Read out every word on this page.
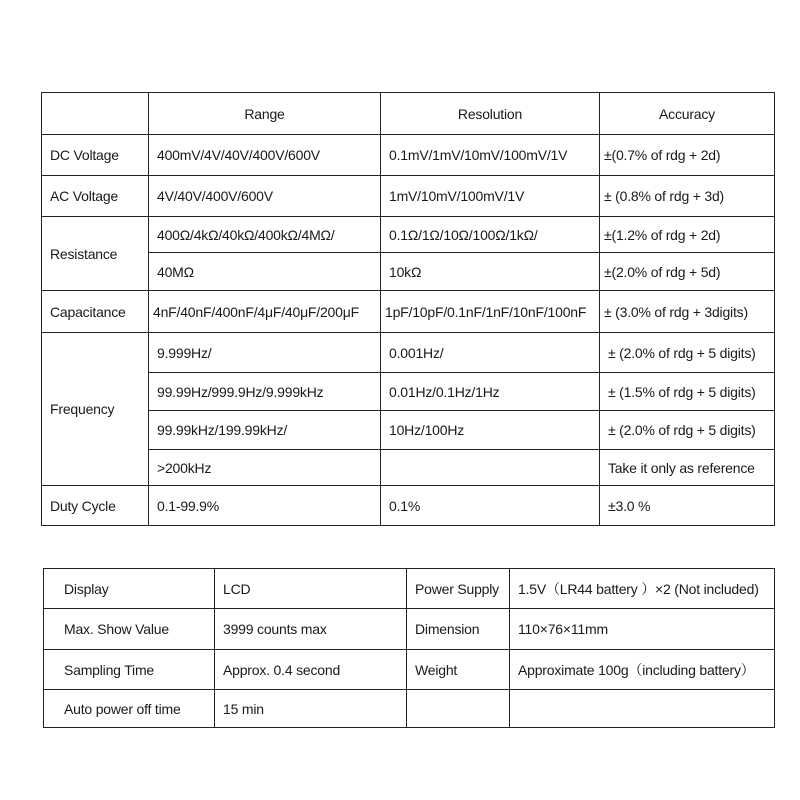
	Range	Resolution	Accuracy
DC Voltage	400mV/4V/40V/400V/600V	0.1mV/1mV/10mV/100mV/1V	±(0.7% of rdg + 2d)
AC Voltage	4V/40V/400V/600V	1mV/10mV/100mV/1V	± (0.8% of rdg + 3d)
Resistance	400Ω/4kΩ/40kΩ/400kΩ/4MΩ/	0.1Ω/1Ω/10Ω/100Ω/1kΩ/	±(1.2% of rdg + 2d)
	40MΩ	10kΩ	±(2.0% of rdg + 5d)
Capacitance	4nF/40nF/400nF/4μF/40μF/200μF	1pF/10pF/0.1nF/1nF/10nF/100nF	± (3.0% of rdg + 3digits)
Frequency	9.999Hz/	0.001Hz/	± (2.0% of rdg + 5 digits)
	99.99Hz/999.9Hz/9.999kHz	0.01Hz/0.1Hz/1Hz	± (1.5% of rdg + 5 digits)
	99.99kHz/199.99kHz/	10Hz/100Hz	± (2.0% of rdg + 5 digits)
	>200kHz		Take it only as reference
Duty Cycle	0.1-99.9%	0.1%	±3.0 %
Display	LCD	Power Supply	1.5V（LR44 battery ）×2 (Not included)
Max. Show Value	3999 counts max	Dimension	110×76×11mm
Sampling Time	Approx. 0.4 second	Weight	Approximate 100g（including battery）
Auto power off time	15 min		
